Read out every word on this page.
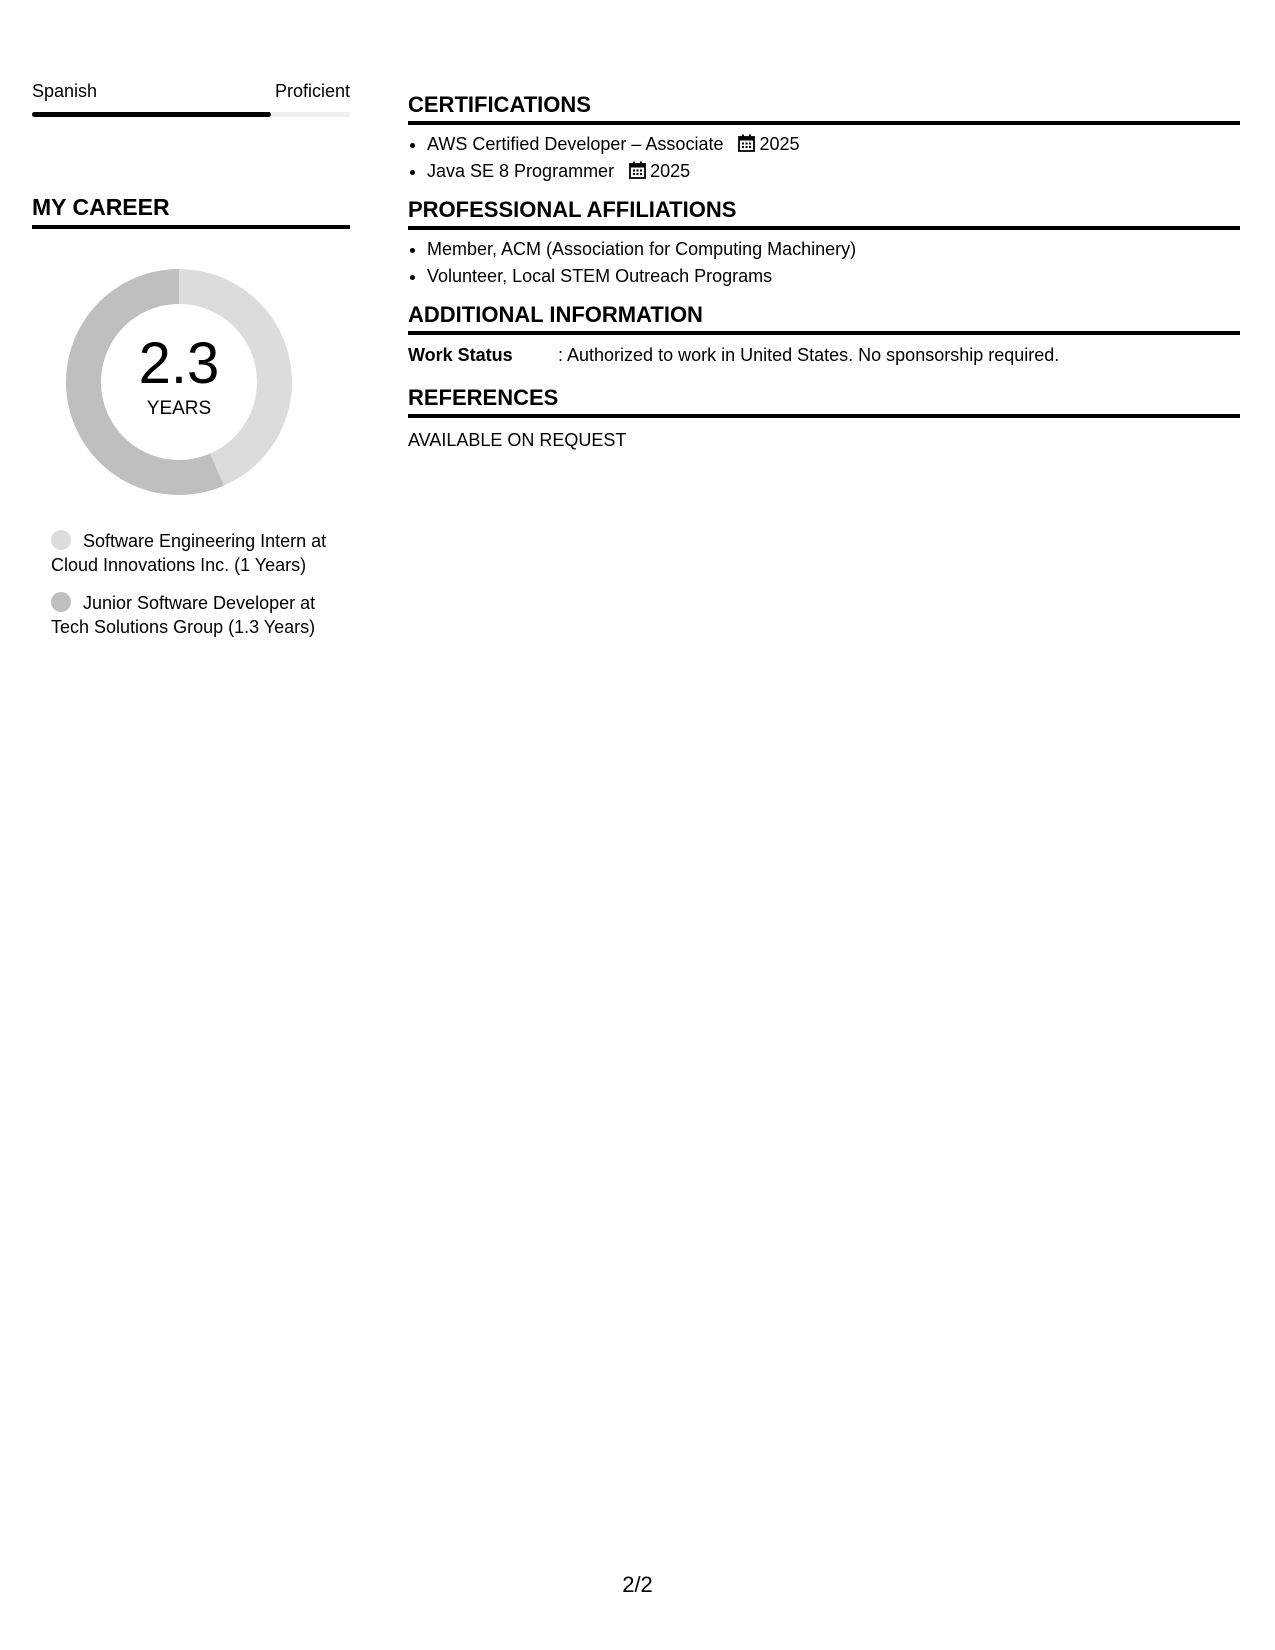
Spanish	Proficient
MY CAREER
2.3
YEARS
Software Engineering Intern at Cloud Innovations Inc. (1 Years)
Junior Software Developer at Tech Solutions Group (1.3 Years)
CERTIFICATIONS
• AWS Certified Developer – Associate 2025
• Java SE 8 Programmer 2025
PROFESSIONAL AFFILIATIONS
• Member, ACM (Association for Computing Machinery)
• Volunteer, Local STEM Outreach Programs
ADDITIONAL INFORMATION
Work Status	: Authorized to work in United States. No sponsorship required.
REFERENCES
AVAILABLE ON REQUEST
2/2
